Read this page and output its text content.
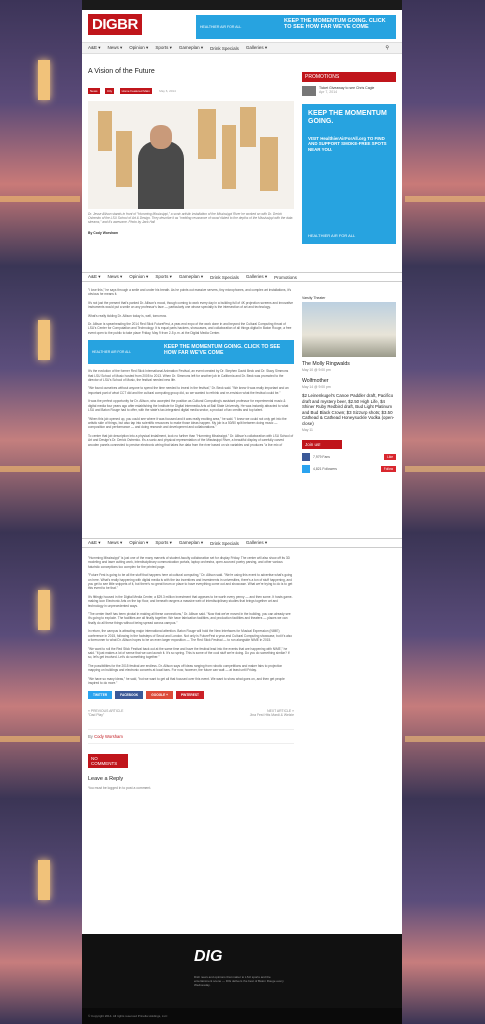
DIGBR	HEALTHIER AIR FOR ALL
KEEP THE MOMENTUM GOING. CLICK TO SEE HOW FAR WE'VE COME
A&E ▾ News ▾ Opinion ▾ Sports ▾ Gameplan ▾ Drink Specials Galleries ▾	⚲
A Vision of the Future
News	City	Home Featured Main	May 6, 2014
Dr. Jesse Allison stands in front of "Humming Mississippi," a sonic artistic installation of the Mississippi River he worked on with Dr. Derick Ostrenko of the LSU School of Art & Design. They describe it as "melding resonance of wood ribbed to the depths of the Mississippi with the data streams," and it's awesome. Photo by Jack Hall
By Cody Worsham
A&E ▾ News ▾ Opinion ▾ Sports ▾ Gameplan ▾ Drink Specials Galleries ▾ Promotions

"I love this," he says through a smile and under his breath. As he points out massive servers, tiny microphones, and complex art installations, it's obvious he means it.

It's not just the present that's parked Dr. Allison's mood, though coming to work every day in a building full of 4K projection screens and innovative instruments would put a smile on any professor's face — particularly one whose specialty is the intersection of art and technology.

What's really tickling Dr. Allison today is, well, tomorrow.

Dr. Allison is spearheading the 2014 Red Stick FutureFest, a year-end expo of the work done in and beyond the Cultural Computing thrust of LSU's Center for Computation and Technology. It is equal parts hackers, showcases, and collaboration of all things digital in Baton Rouge, a free event open to the public to take place Friday, May 9 from 2-5 p.m. at the Digital Media Center.

HEALTHIER AIR FOR ALL
KEEP THE MOMENTUM GOING. CLICK TO SEE HOW FAR WE'VE COME

It's the evolution of the former Red Stick International Animation Festival, an event created by Dr. Stephen David Beck and Dr. Stacy Simmons that LSU School of Music hosted from 2005 to 2013. When Dr. Simmons left for another job in California and Dr. Beck was promoted to the director of LSU's School of Music, the festival needed new life.

"We found ourselves without anyone to spend the time needed to invest in the festival," Dr. Beck said. "We knew it was really important and an important part of what CCT did and the cultural computing group did, so we wanted to rethink and re-envision what the festival could be."

It was the perfect opportunity for Dr. Allison, who accepted the position as Cultural Computing's assistant professor for experimental music & digital media four years ago after establishing the Institute for Digital Intermedia Arts at Ball State University. He was instantly attracted to what LSU and Baton Rouge had to offer, with the state's tax-integrated digital media sector, a product of tax credits and top talent.

"When this job opened up, you could see where it was focused and it was really exciting area," he said. "I knew we could not only get into the artistic side of things, but also tap into scientific resources to make those ideas happen. My job is a 50/50 split between doing music — composition and performance — and doing research and development and collaborations."

To center that job description into a physical installment, look no further than "Humming Mississippi." Dr. Allison's collaboration with LSU School of Art and Design's Dr. Derick Ostrenko. It's a sonic and physical representation of the Mississippi River, a beautiful display of carefully carved wooden panels connected to precise electronic wiring that takes live data from the river based on six variables and produces "a live mix of

A&E ▾ News ▾ Opinion ▾ Sports ▾ Gameplan ▾ Drink Specials Galleries ▾

"Humming Mississippi" is just one of the many marvels of student-faculty collaboration set for display Friday. The center will also show off its 3D modeling and laser cutting work, interdisciplinary communication portals, laptop orchestra, open-sourced poetry parsing, and other various futuristic conceptions too complex for the printed page.

"Future Fest is going to be all the stuff that happens here at cultural computing," Dr. Allison said. "We're using this event to advertise what's going on here. What's really happening with digital media is with the tax incentives and investments in universities, there's a ton of stuff happening, and you get to see little snippets of it, but there's no great forum or place to have everything come out and showcase. What we're trying to do is to get this event to be that."

It's fittingly housed in the Digital Media Center, a $29.3 million investment that appears to be worth every penny — and then some. It hosts game-making icon Electronic Arts on the top floor, and beneath rangers a massive web of interdisciplinary studies that brings together art and technology in unprecedented ways.

"The center itself has been pivotal in making all these connections," Dr. Allison said. "Now that we've moved in the building, you can already see it's going to explode. The facilities are all finally together. We have fabrication facilities, and production facilities and theaters — places we can finally do all these things without being spread across campus."

In return, the campus is attracting major international attention. Baton Rouge will hold the New Interfaces for Musical Expression (NIME) conference in 2015, following in the footsteps of Seoul and London. Not only is FutureFest a year-end Cultural Computing showcase, but it's also a forerunner to what Dr. Allison hopes to be an even larger exposition — The Red Stick Festival — to run alongside NIME in 2015.

"We want to roll the Red Stick Festival back out at the same time and have the festival lead into the events that are happening with NIME," he said. "It just makes a lot of sense that we can launch it. It's so spring. This is some of the cool stuff we're doing. Do you do something similar? If so, let's get involved. Let's do something together."

The possibilities for the 2015 festival are endless. Dr. Allison says off ideas ranging from robotic competitions and maker fairs to projection mapping on buildings and electronic concerts at local bars. For now, however, the future can wait — at least until Friday.

"We have so many ideas," he said, "but we want to get all that focused over this event. We want to show what goes on, and then get people inspired to do more."

TWITTER	FACEBOOK	GOOGLE +	PINTEREST
« PREVIOUS ARTICLE
"Dad Play"
NEXT ARTICLE »
Jina Fest Hits Mardi & Welzie
By Cody Worsham
NO COMMENTS
Leave a Reply
You must be logged in to post a comment.
PROMOTIONS
Ticket Giveaway to see Chris Cagle
Apr 7, 2014
KEEP THE MOMENTUM GOING.

VISIT HealthierAirForAll.org TO FIND AND SUPPORT SMOKE-FREE SPOTS NEAR YOU.

HEALTHIER AIR FOR ALL
Varsity Theater
The Molly Ringwalds
May 10 @ 9:00 pm
Wolfmother
May 14 @ 9:00 pm
$2 Leinenkugel's Canoe Paddler draft, Pacifico draft and mystery beer, $2.50 High Life, $4 Shiner Ruby Redbird draft, Bud Light Platinum and Bud Black Crown; $3 Sizzurp shots; $3.50 Cathead & Cathead Honeysuckle Vodka (open-close)
May 11
Join us!
7,979 Fans	Like
4,821 Followers	Follow
DIG
Dish news and opinions that matter to LSU sports and the entertainment scene — DIG delivers the best of Baton Rouge every Wednesday.
© Copyright 2014. All rights reserved Prinella Holdings, LLC
